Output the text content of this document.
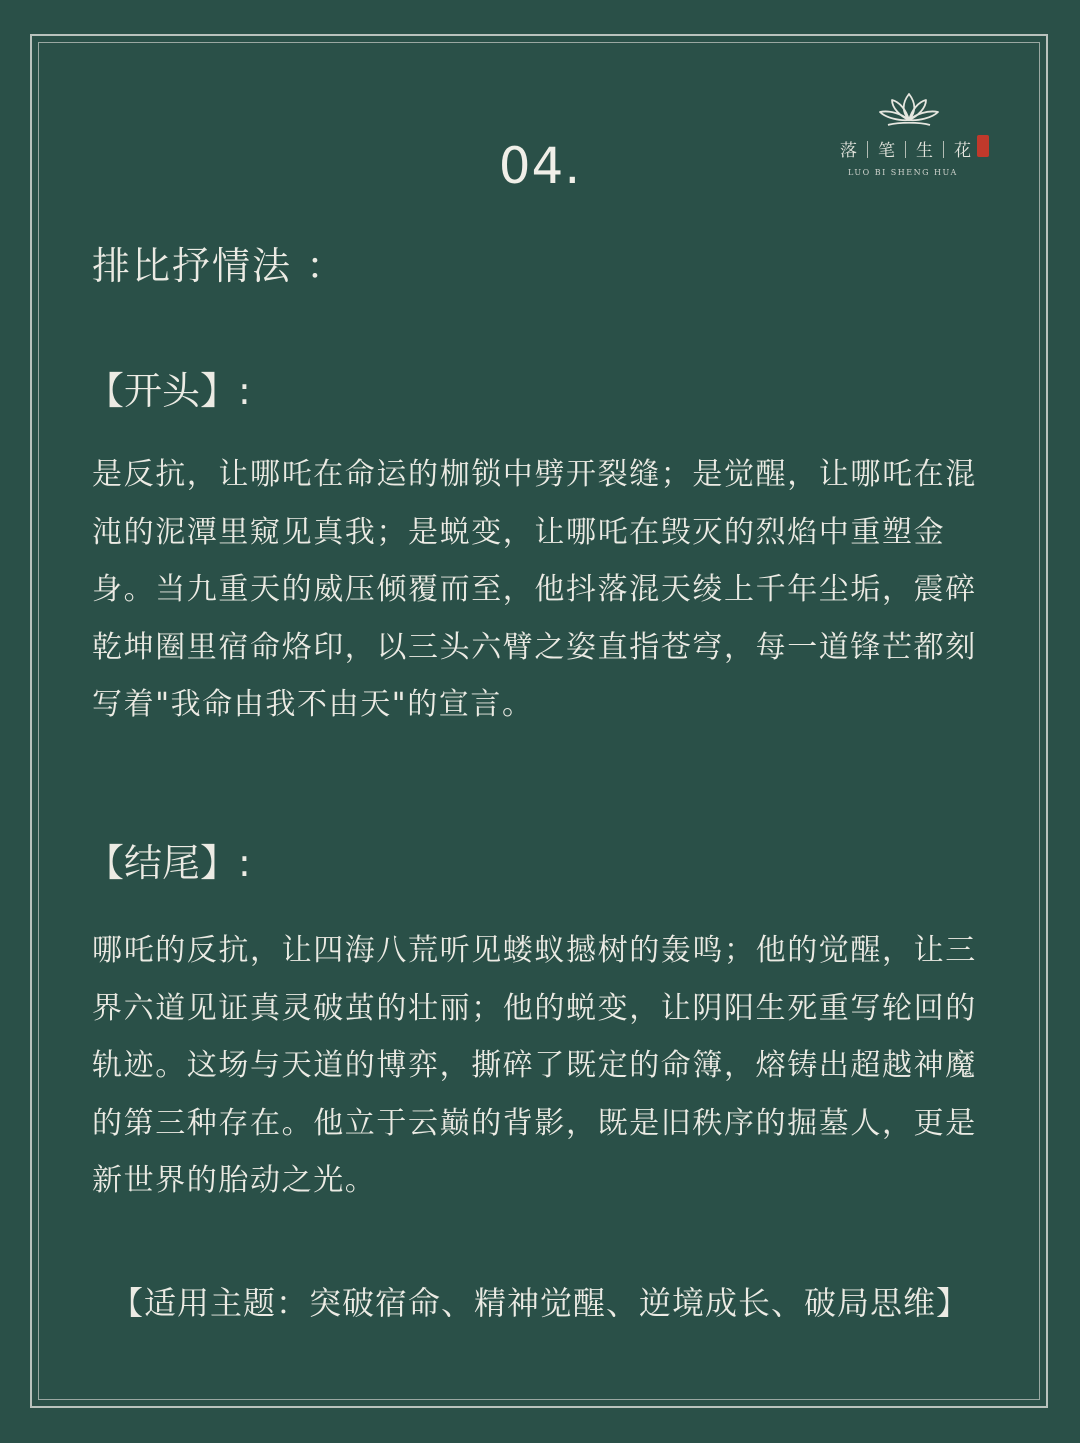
落｜笔｜生｜花
LUO BI SHENG HUA
04.
排比抒情法 ：
【开头】:

是反抗，让哪吒在命运的枷锁中劈开裂缝；是觉醒，让哪吒在混沌的泥潭里窥见真我；是蜕变，让哪吒在毁灭的烈焰中重塑金身。当九重天的威压倾覆而至，他抖落混天绫上千年尘垢，震碎乾坤圈里宿命烙印，以三头六臂之姿直指苍穹，每一道锋芒都刻写着"我命由我不由天"的宣言。

【结尾】:

哪吒的反抗，让四海八荒听见蝼蚁撼树的轰鸣；他的觉醒，让三界六道见证真灵破茧的壮丽；他的蜕变，让阴阳生死重写轮回的轨迹。这场与天道的博弈，撕碎了既定的命簿，熔铸出超越神魔的第三种存在。他立于云巅的背影，既是旧秩序的掘墓人，更是新世界的胎动之光。

【适用主题：突破宿命、精神觉醒、逆境成长、破局思维】
